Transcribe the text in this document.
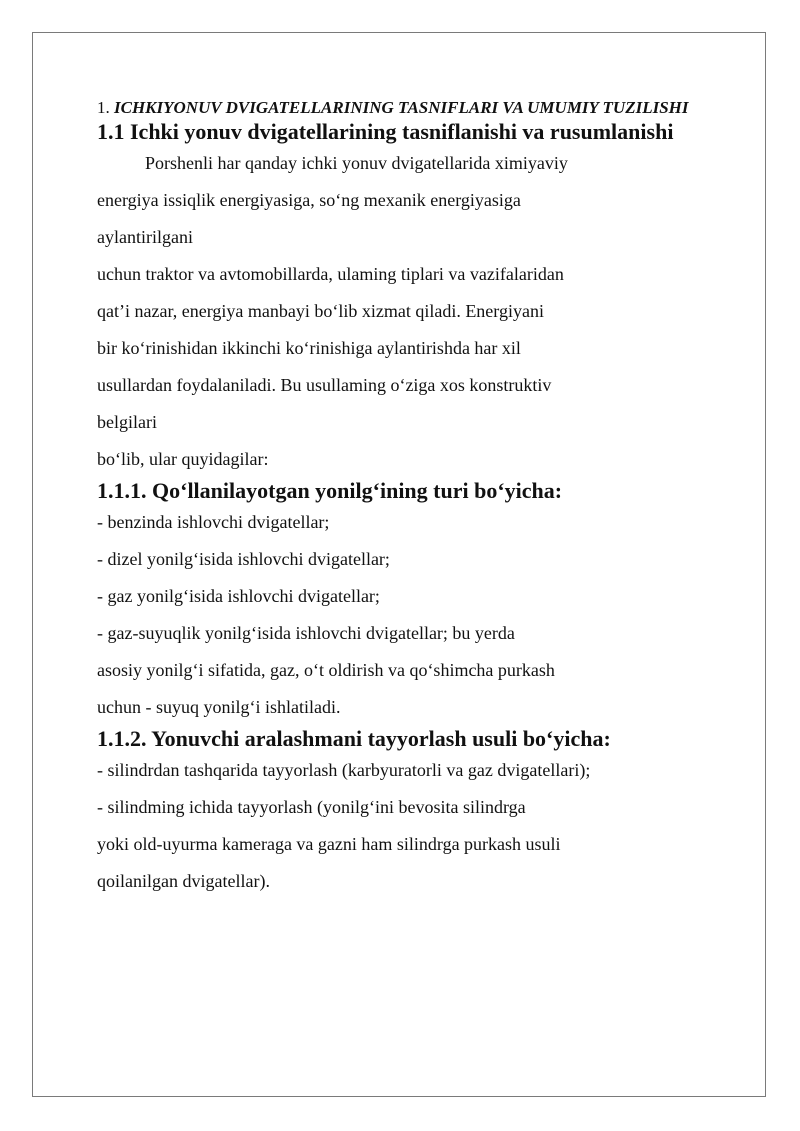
1. ICHKIYONUV DVIGATELLARINING TASNIFLARI VA UMUMIY TUZILISHI

1.1 Ichki yonuv dvigatellarining tasniflanishi va rusumlanishi

Porshenli har qanday ichki yonuv dvigatellarida ximiyaviy

energiya issiqlik energiyasiga, so‘ng mexanik energiyasiga

aylantirilgani

uchun traktor va avtomobillarda, ulaming tiplari va vazifalaridan

qat’i nazar, energiya manbayi bo‘lib xizmat qiladi. Energiyani

bir ko‘rinishidan ikkinchi ko‘rinishiga aylantirishda har xil

usullardan foydalaniladi. Bu usullaming o‘ziga xos konstruktiv

belgilari

bo‘lib, ular quyidagilar:

1.1.1. Qo‘llanilayotgan yonilg‘ining turi bo‘yicha:

- benzinda ishlovchi dvigatellar;

- dizel yonilg‘isida ishlovchi dvigatellar;

- gaz yonilg‘isida ishlovchi dvigatellar;

- gaz-suyuqlik yonilg‘isida ishlovchi dvigatellar; bu yerda

asosiy yonilg‘i sifatida, gaz, o‘t oldirish va qo‘shimcha purkash

uchun - suyuq yonilg‘i ishlatiladi.

1.1.2. Yonuvchi aralashmani tayyorlash usuli bo‘yicha:

- silindrdan tashqarida tayyorlash (karbyuratorli va gaz dvigatellari);

- silindming ichida tayyorlash (yonilg‘ini bevosita silindrga

yoki old-uyurma kameraga va gazni ham silindrga purkash usuli

qoilanilgan dvigatellar).
